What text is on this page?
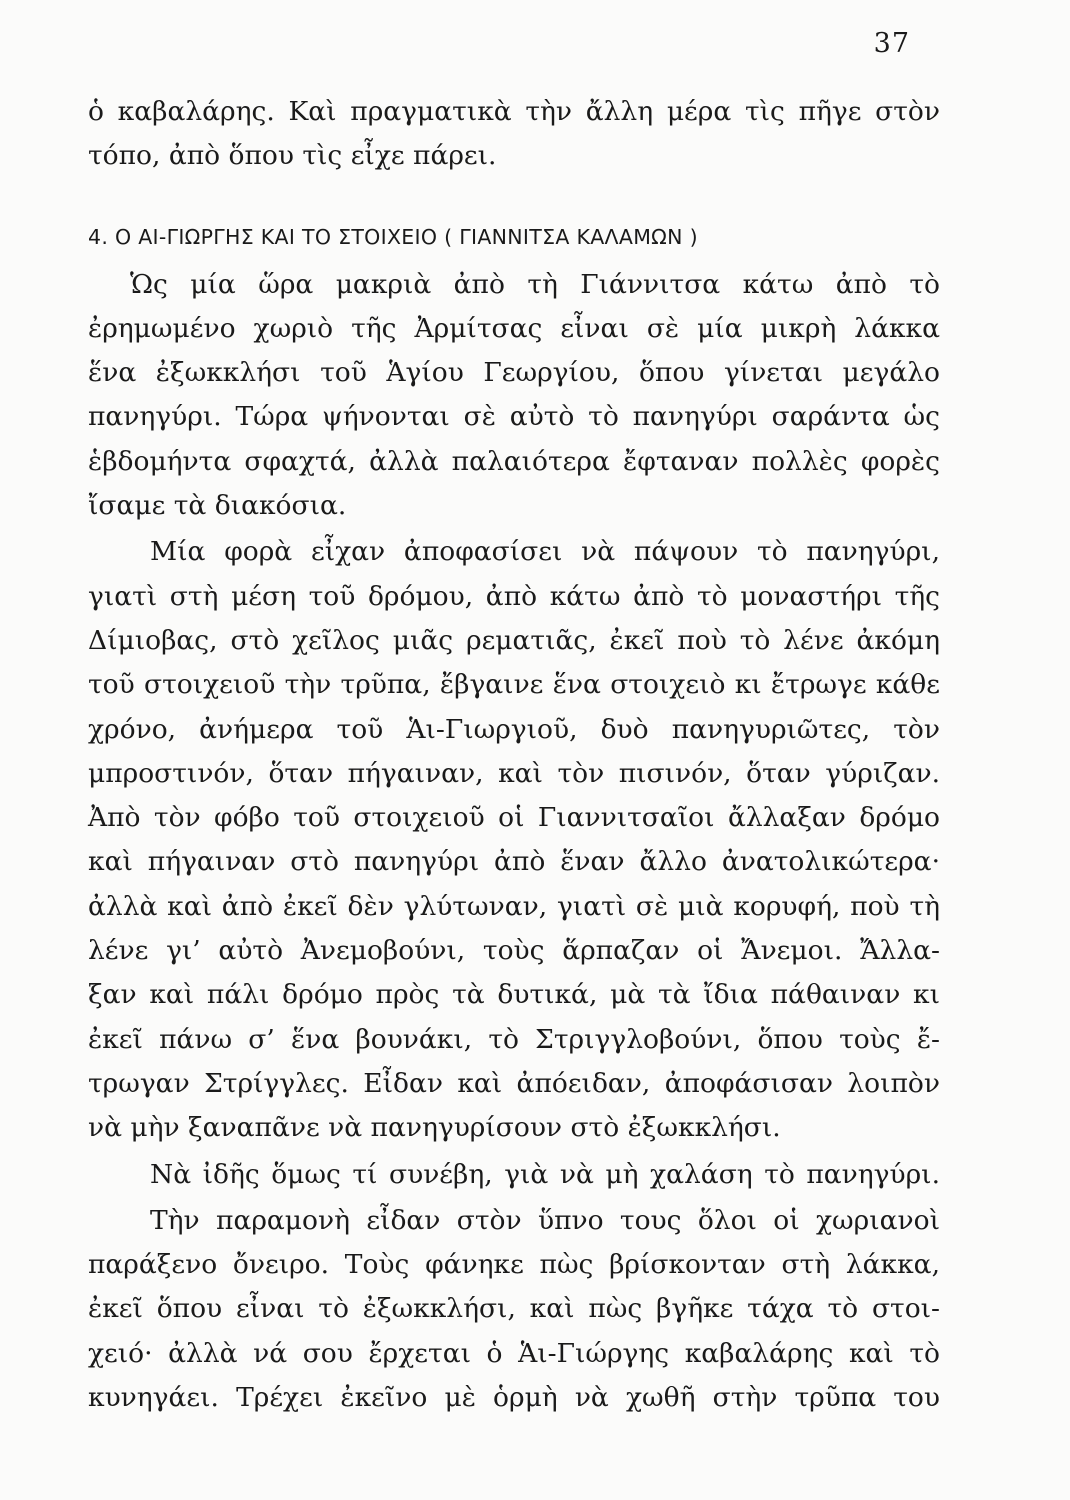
37
ὁ καβαλάρης. Καὶ πραγματικὰ τὴν ἄλλη μέρα τὶς πῆγε στὸν
τόπο, ἀπὸ ὅπου τὶς εἶχε πάρει.
4. Ο ΑΙ-ΓΙΩΡΓΗΣ ΚΑΙ ΤΟ ΣΤΟΙΧΕΙΟ ( ΓΙΑΝΝΙΤΣΑ ΚΑΛΑΜΩΝ )
Ὡς μία ὥρα μακριὰ ἀπὸ τὴ Γιάννιτσα κάτω ἀπὸ τὸ
ἐρημωμένο χωριὸ τῆς Ἀρμίτσας εἶναι σὲ μία μικρὴ λάκκα
ἕνα ἐξωκκλήσι τοῦ Ἁγίου Γεωργίου, ὅπου γίνεται μεγάλο
πανηγύρι. Τώρα ψήνονται σὲ αὐτὸ τὸ πανηγύρι σαράντα ὡς
ἑβδομήντα σφαχτά, ἀλλὰ παλαιότερα ἔφταναν πολλὲς φορὲς
ἴσαμε τὰ διακόσια.
Μία φορὰ εἶχαν ἀποφασίσει νὰ πάψουν τὸ πανηγύρι,
γιατὶ στὴ μέση τοῦ δρόμου, ἀπὸ κάτω ἀπὸ τὸ μοναστήρι τῆς
Δίμιοβας, στὸ χεῖλος μιᾶς ρεματιᾶς, ἐκεῖ ποὺ τὸ λένε ἀκόμη
τοῦ στοιχειοῦ τὴν τρῦπα, ἔβγαινε ἕνα στοιχειὸ κι ἔτρωγε κάθε
χρόνο, ἀνήμερα τοῦ Ἁι-Γιωργιοῦ, δυὸ πανηγυριῶτες, τὸν
μπροστινόν, ὅταν πήγαιναν, καὶ τὸν πισινόν, ὅταν γύριζαν.
Ἀπὸ τὸν φόβο τοῦ στοιχειοῦ οἱ Γιαννιτσαῖοι ἄλλαξαν δρόμο
καὶ πήγαιναν στὸ πανηγύρι ἀπὸ ἕναν ἄλλο ἀνατολικώτερα·
ἀλλὰ καὶ ἀπὸ ἐκεῖ δὲν γλύτωναν, γιατὶ σὲ μιὰ κορυφή, ποὺ τὴ
λένε γι’ αὐτὸ Ἀνεμοβούνι, τοὺς ἅρπαζαν οἱ Ἄνεμοι. Ἄλλα-
ξαν καὶ πάλι δρόμο πρὸς τὰ δυτικά, μὰ τὰ ἴδια πάθαιναν κι
ἐκεῖ πάνω σ’ ἕνα βουνάκι, τὸ Στριγγλοβούνι, ὅπου τοὺς ἔ-
τρωγαν Στρίγγλες. Εἶδαν καὶ ἀπόειδαν, ἀποφάσισαν λοιπὸν
νὰ μὴν ξαναπᾶνε νὰ πανηγυρίσουν στὸ ἐξωκκλήσι.
Νὰ ἰδῆς ὅμως τί συνέβη, γιὰ νὰ μὴ χαλάση τὸ πανηγύρι.
Τὴν παραμονὴ εἶδαν στὸν ὕπνο τους ὅλοι οἱ χωριανοὶ
παράξενο ὄνειρο. Τοὺς φάνηκε πὼς βρίσκονταν στὴ λάκκα,
ἐκεῖ ὅπου εἶναι τὸ ἐξωκκλήσι, καὶ πὼς βγῆκε τάχα τὸ στοι-
χειό· ἀλλὰ νά σου ἔρχεται ὁ Ἁι-Γιώργης καβαλάρης καὶ τὸ
κυνηγάει. Τρέχει ἐκεῖνο μὲ ὁρμὴ νὰ χωθῆ στὴν τρῦπα του
